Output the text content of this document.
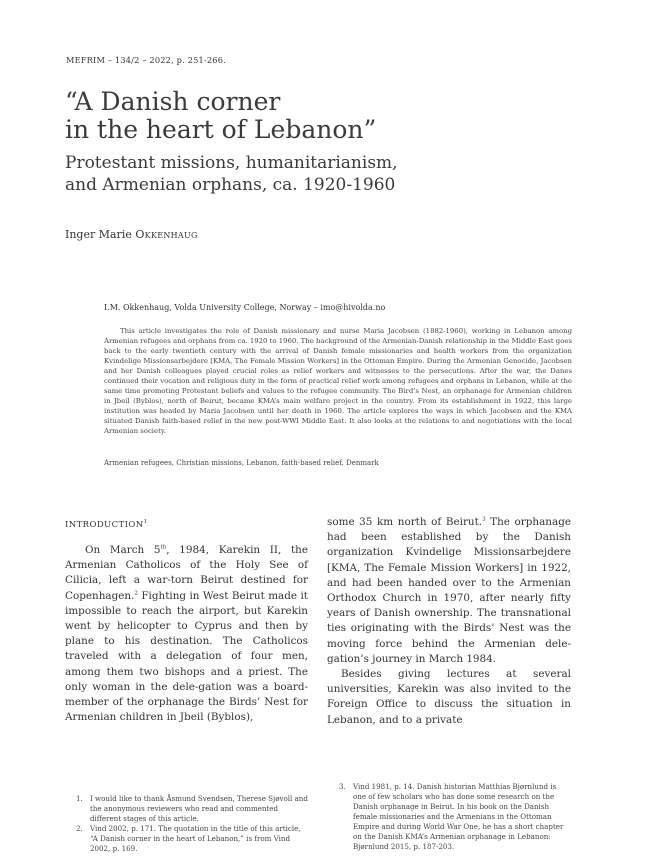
MEFRIM – 134/2 – 2022, p. 251-266.
“A Danish corner
in the heart of Lebanon”
Protestant missions, humanitarianism,
and Armenian orphans, ca. 1920-1960
Inger Marie Okkenhaug
I.M. Okkenhaug, Volda University College, Norway – imo@hivolda.no

This article investigates the role of Danish missionary and nurse Maria Jacobsen (1882-1960), working in Lebanon among Armenian refugees and orphans from ca. 1920 to 1960. The background of the Armenian-Danish relationship in the Middle East goes back to the early twentieth century with the arrival of Danish female missionaries and health workers from the organization Kvindelige Missionsarbejdere [KMA, The Female Mission Workers] in the Ottoman Empire. During the Armenian Genocide, Jacobsen and her Danish colleagues played crucial roles as relief workers and witnesses to the persecutions. After the war, the Danes continued their vocation and religious duty in the form of practical relief work among refugees and orphans in Lebanon, while at the same time promoting Protestant beliefs and values to the refugee community. The Bird’s Nest, an orphanage for Armenian children in Jbeil (Byblos), north of Beirut, became KMA’s main welfare project in the country. From its establishment in 1922, this large institution was headed by Maria Jacobsen until her death in 1960. The article explores the ways in which Jacobsen and the KMA situated Danish faith-based relief in the new post-WWI Middle East. It also looks at the relations to and negotiations with the local Armenian society.

Armenian refugees, Christian missions, Lebanon, faith-based relief, Denmark
INTRODUCTION$^1$

On March 5th, 1984, Karekin II, the Armenian Catholicos of the Holy See of Cilicia, left a war-torn Beirut destined for Copenhagen.$^2$ Fighting in West Beirut made it impossible to reach the airport, but Karekin went by helicopter to Cyprus and then by plane to his destination. The Catholicos traveled with a delegation of four men, among them two bishops and a priest. The only woman in the dele-gation was a board-member of the orphanage the Birds’ Nest for Armenian children in Jbeil (Byblos),

some 35 km north of Beirut.$^3$ The orphanage had been established by the Danish organization Kvindelige Missionsarbejdere [KMA, The Female Mission Workers] in 1922, and had been handed over to the Armenian Orthodox Church in 1970, after nearly fifty years of Danish ownership. The transnational ties originating with the Birds’ Nest was the moving force behind the Armenian dele-gation’s journey in March 1984.

Besides giving lectures at several universities, Karekin was also invited to the Foreign Office to discuss the situation in Lebanon, and to a private

1. I would like to thank Åsmund Svendsen, Therese Sjøvoll and the anonymous reviewers who read and commented different stages of this article.
2. Vind 2002, p. 171. The quotation in the title of this article, “A Danish corner in the heart of Lebanon,” is from Vind 2002, p. 169.
3. Vind 1981, p. 14. Danish historian Matthias Bjørnlund is one of few scholars who has done some research on the Danish orphanage in Beirut. In his book on the Danish female missionaries and the Armenians in the Ottoman Empire and during World War One, he has a short chapter on the Danish KMA’s Armenian orphanage in Lebanon: Bjørnlund 2015, p. 187-203.
